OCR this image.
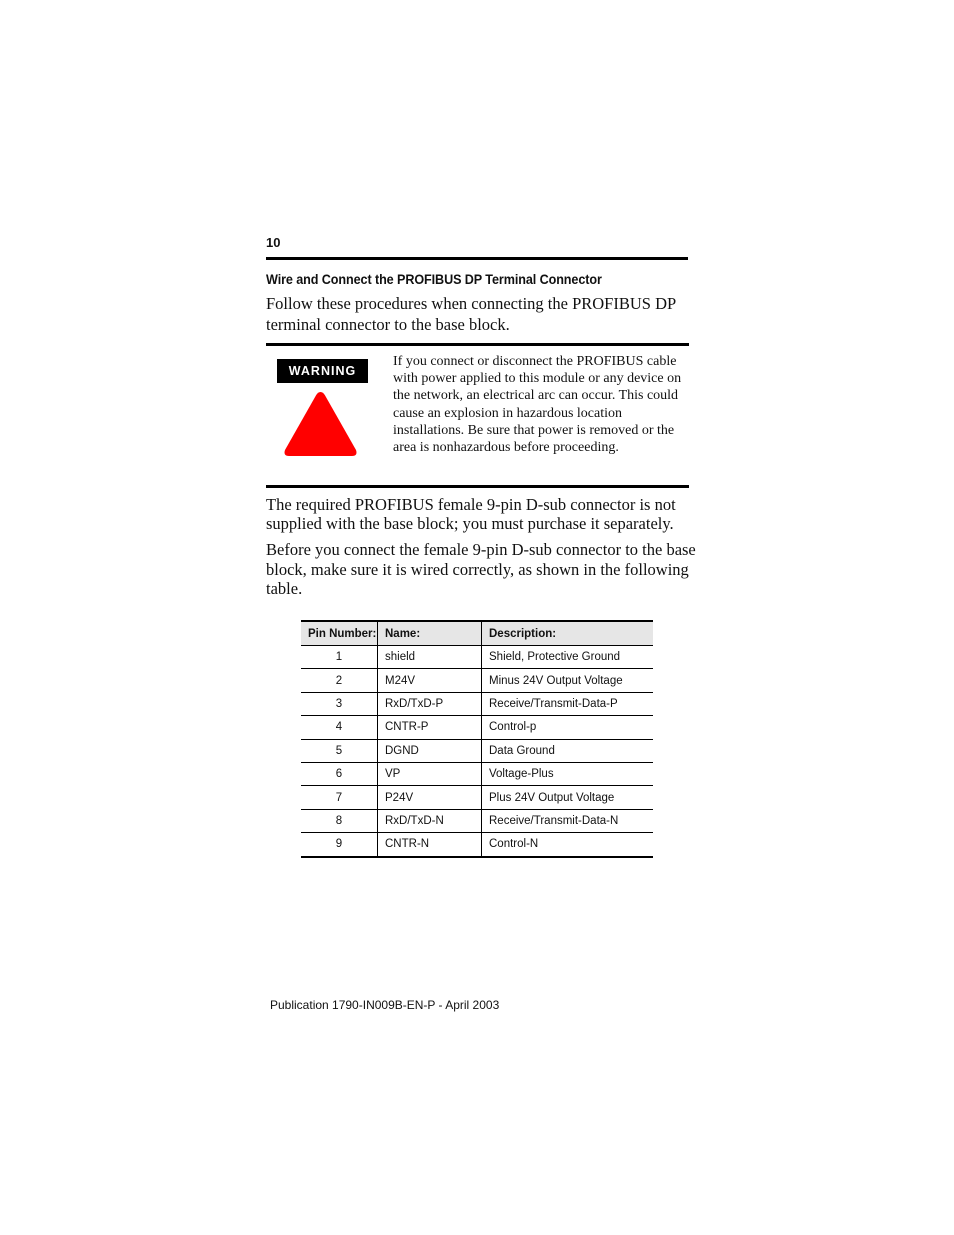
10
Wire and Connect the PROFIBUS DP Terminal Connector
Follow these procedures when connecting the PROFIBUS DP terminal connector to the base block.
WARNING
If you connect or disconnect the PROFIBUS cable with power applied to this module or any device on the network, an electrical arc can occur. This could cause an explosion in hazardous location installations. Be sure that power is removed or the area is nonhazardous before proceeding.
The required PROFIBUS female 9-pin D-sub connector is not supplied with the base block; you must purchase it separately.
Before you connect the female 9-pin D-sub connector to the base block, make sure it is wired correctly, as shown in the following table.
Pin Number:	Name:	Description:
1	shield	Shield, Protective Ground
2	M24V	Minus 24V Output Voltage
3	RxD/TxD-P	Receive/Transmit-Data-P
4	CNTR-P	Control-p
5	DGND	Data Ground
6	VP	Voltage-Plus
7	P24V	Plus 24V Output Voltage
8	RxD/TxD-N	Receive/Transmit-Data-N
9	CNTR-N	Control-N
Publication 1790-IN009B-EN-P - April 2003
